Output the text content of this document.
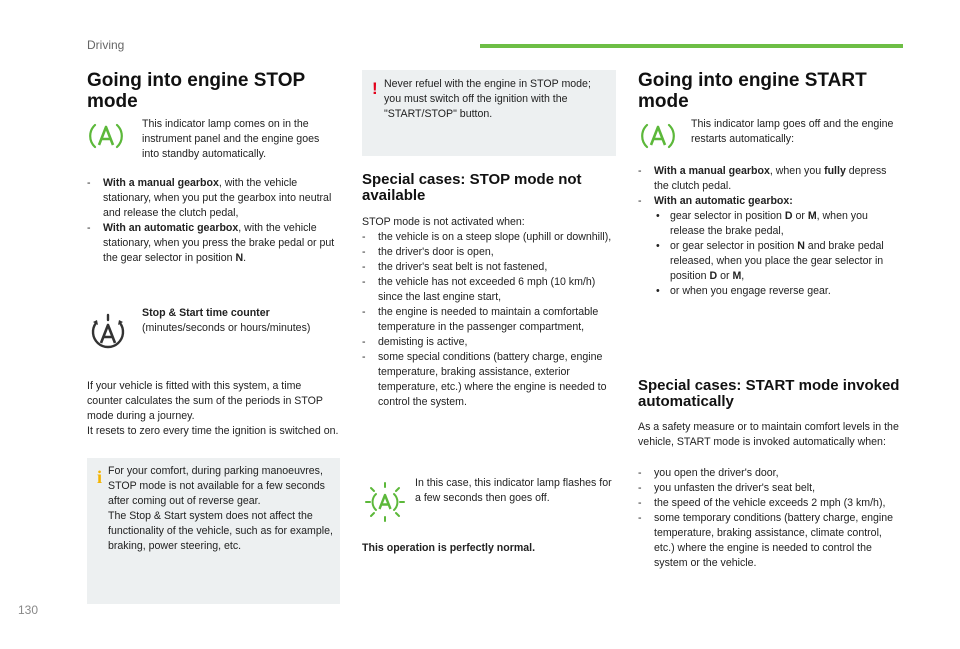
Driving
Going into engine STOP mode
This indicator lamp comes on in the instrument panel and the engine goes into standby automatically.
- With a manual gearbox, with the vehicle stationary, when you put the gearbox into neutral and release the clutch pedal,
- With an automatic gearbox, with the vehicle stationary, when you press the brake pedal or put the gear selector in position N.
Stop & Start time counter
(minutes/seconds or hours/minutes)
If your vehicle is fitted with this system, a time counter calculates the sum of the periods in STOP mode during a journey.
It resets to zero every time the ignition is switched on.
i For your comfort, during parking manoeuvres, STOP mode is not available for a few seconds after coming out of reverse gear.
The Stop & Start system does not affect the functionality of the vehicle, such as for example, braking, power steering, etc.
! Never refuel with the engine in STOP mode; you must switch off the ignition with the "START/STOP" button.
Special cases: STOP mode not available
STOP mode is not activated when:
- the vehicle is on a steep slope (uphill or downhill),
- the driver's door is open,
- the driver's seat belt is not fastened,
- the vehicle has not exceeded 6 mph (10 km/h) since the last engine start,
- the engine is needed to maintain a comfortable temperature in the passenger compartment,
- demisting is active,
- some special conditions (battery charge, engine temperature, braking assistance, exterior temperature, etc.) where the engine is needed to control the system.
In this case, this indicator lamp flashes for a few seconds then goes off.
This operation is perfectly normal.
Going into engine START mode
This indicator lamp goes off and the engine restarts automatically:
- With a manual gearbox, when you fully depress the clutch pedal.
- With an automatic gearbox:
• gear selector in position D or M, when you release the brake pedal,
• or gear selector in position N and brake pedal released, when you place the gear selector in position D or M,
• or when you engage reverse gear.
Special cases: START mode invoked automatically
As a safety measure or to maintain comfort levels in the vehicle, START mode is invoked automatically when:
- you open the driver's door,
- you unfasten the driver's seat belt,
- the speed of the vehicle exceeds 2 mph (3 km/h),
- some temporary conditions (battery charge, engine temperature, braking assistance, climate control, etc.) where the engine is needed to control the system or the vehicle.
130
